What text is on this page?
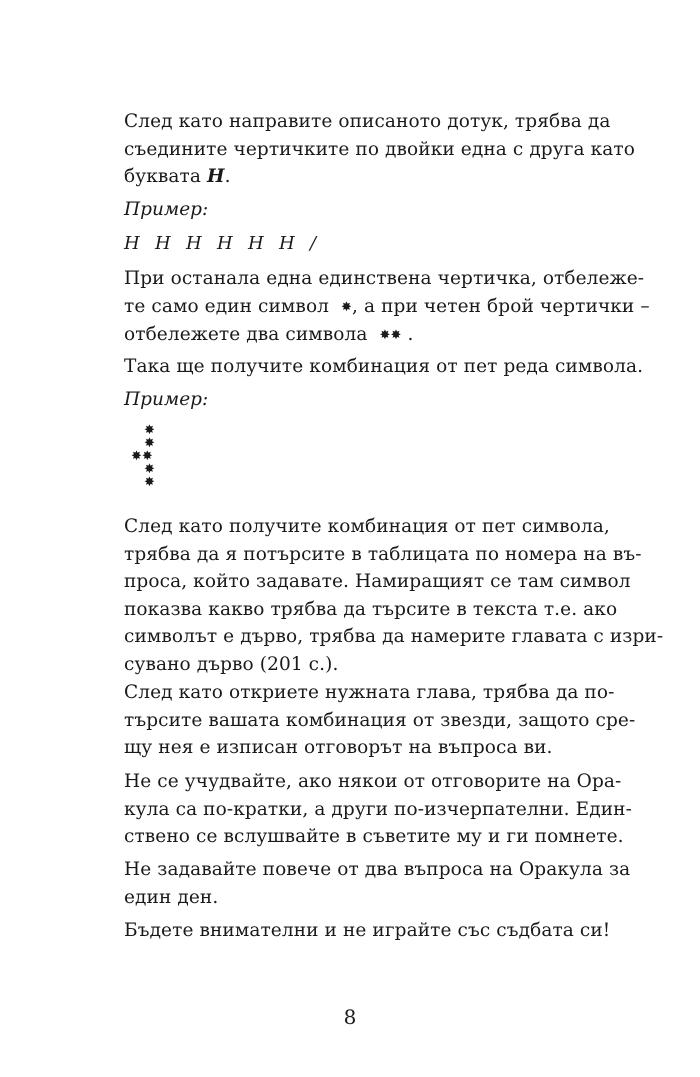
След като направите описаното дотук, трябва да
съедините чертичките по двойки една с друга като
буквата Н.
Пример:
Н Н Н Н Н Н /
При останала една единствена чертичка, отбележе-
те само един символ ✸, а при четен брой чертички –
отбележете два символа ✸✸ .
Така ще получите комбинация от пет реда символа.
Пример:
✸
✸
✸✸
✸
✸
След като получите комбинация от пет символа,
трябва да я потърсите в таблицата по номера на въ-
проса, който задавате. Намиращият се там символ
показва какво трябва да търсите в текста т.е. ако
символът е дърво, трябва да намерите главата с изри-
сувано дърво (201 с.).
След като откриете нужната глава, трябва да по-
търсите вашата комбинация от звезди, защото сре-
щу нея е изписан отговорът на въпроса ви.
Не се учудвайте, ако някои от отговорите на Ора-
кула са по-кратки, а други по-изчерпателни. Един-
ствено се вслушвайте в съветите му и ги помнете.
Не задавайте повече от два въпроса на Оракула за
един ден.
Бъдете внимателни и не играйте със съдбата си!
8
